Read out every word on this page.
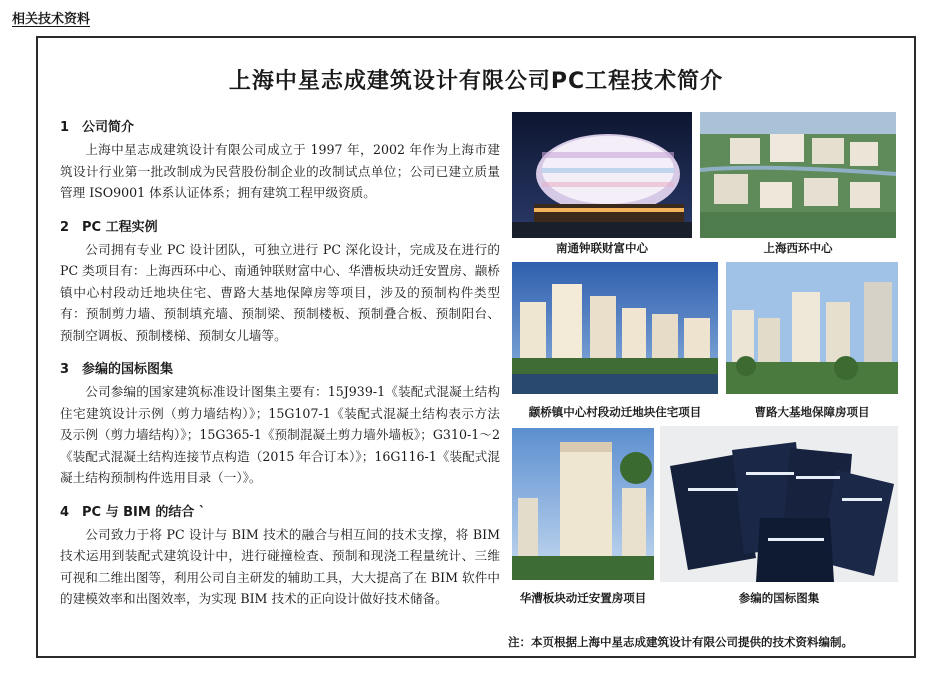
相关技术资料
上海中星志成建筑设计有限公司PC工程技术简介
1 公司简介
上海中星志成建筑设计有限公司成立于 1997 年，2002 年作为上海市建筑设计行业第一批改制成为民营股份制企业的改制试点单位；公司已建立质量管理 ISO9001 体系认证体系；拥有建筑工程甲级资质。
2 PC 工程实例
公司拥有专业 PC 设计团队，可独立进行 PC 深化设计，完成及在进行的 PC 类项目有：上海西环中心、南通钟联财富中心、华漕板块动迁安置房、颛桥镇中心村段动迁地块住宅、曹路大基地保障房等项目，涉及的预制构件类型有：预制剪力墙、预制填充墙、预制梁、预制楼板、预制叠合板、预制阳台、预制空调板、预制楼梯、预制女儿墙等。
3 参编的国标图集
公司参编的国家建筑标准设计图集主要有：15J939-1《装配式混凝土结构住宅建筑设计示例（剪力墙结构）》；15G107-1《装配式混凝土结构表示方法及示例（剪力墙结构）》；15G365-1《预制混凝土剪力墙外墙板》；G310-1～2《装配式混凝土结构连接节点构造（2015 年合订本）》；16G116-1《装配式混凝土结构预制构件选用目录（一）》。
4 PC 与 BIM 的结合 `
公司致力于将 PC 设计与 BIM 技术的融合与相互间的技术支撑，将 BIM 技术运用到装配式建筑设计中，进行碰撞检查、预制和现浇工程量统计、三维可视和二维出图等，利用公司自主研发的辅助工具，大大提高了在 BIM 软件中的建模效率和出图效率，为实现 BIM 技术的正向设计做好技术储备。
南通钟联财富中心	上海西环中心
颛桥镇中心村段动迁地块住宅项目	曹路大基地保障房项目
华漕板块动迁安置房项目	参编的国标图集
注：本页根据上海中星志成建筑设计有限公司提供的技术资料编制。
